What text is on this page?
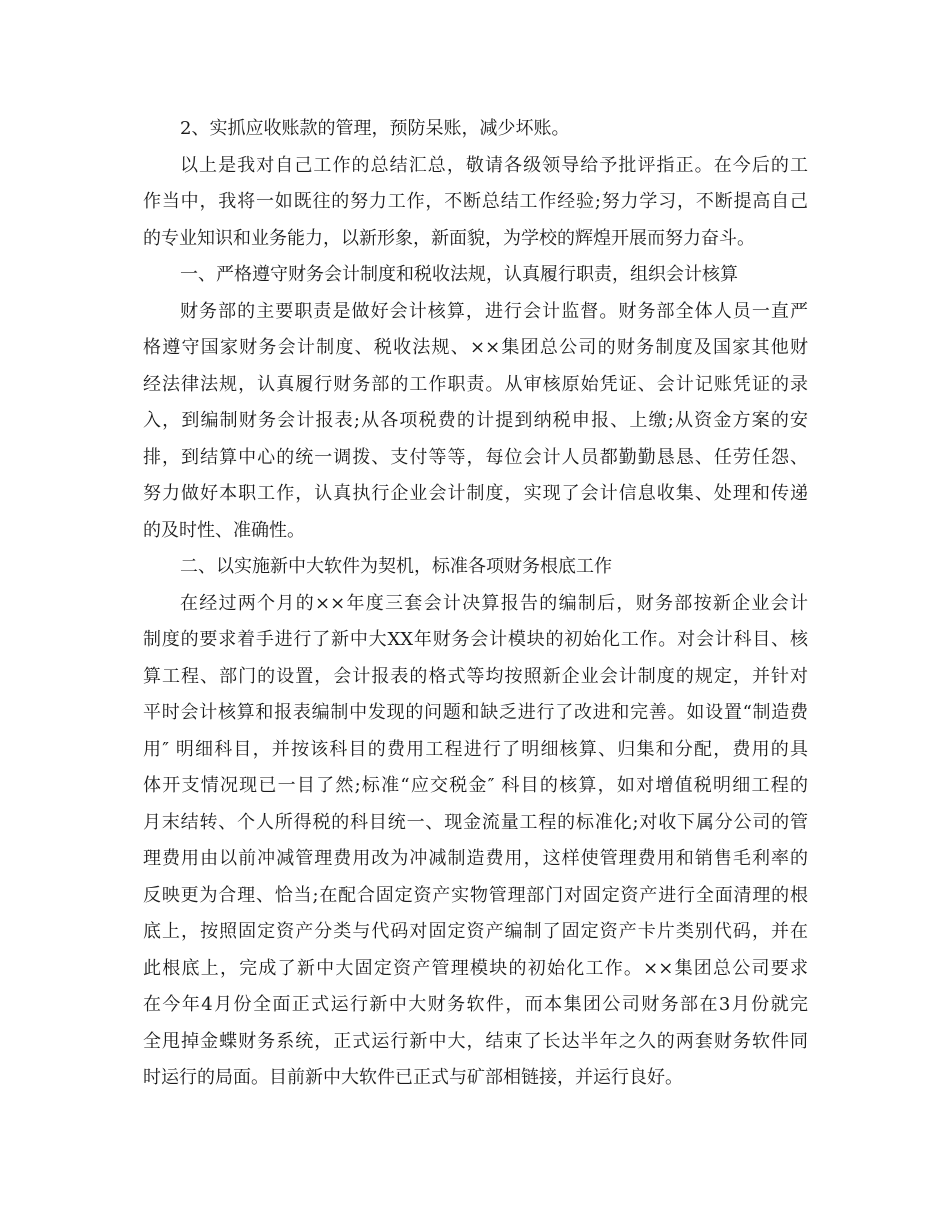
2、实抓应收账款的管理，预防呆账，减少坏账。
以上是我对自己工作的总结汇总，敬请各级领导给予批评指正。在今后的工
作当中，我将一如既往的努力工作，不断总结工作经验;努力学习，不断提高自己
的专业知识和业务能力，以新形象，新面貌，为学校的辉煌开展而努力奋斗。
一、严格遵守财务会计制度和税收法规，认真履行职责，组织会计核算
财务部的主要职责是做好会计核算，进行会计监督。财务部全体人员一直严
格遵守国家财务会计制度、税收法规、××集团总公司的财务制度及国家其他财
经法律法规，认真履行财务部的工作职责。从审核原始凭证、会计记账凭证的录
入，到编制财务会计报表;从各项税费的计提到纳税申报、上缴;从资金方案的安
排，到结算中心的统一调拨、支付等等，每位会计人员都勤勤恳恳、任劳任怨、
努力做好本职工作，认真执行企业会计制度，实现了会计信息收集、处理和传递
的及时性、准确性。
二、以实施新中大软件为契机，标准各项财务根底工作
在经过两个月的××年度三套会计决算报告的编制后，财务部按新企业会计
制度的要求着手进行了新中大XX年财务会计模块的初始化工作。对会计科目、核
算工程、部门的设置，会计报表的格式等均按照新企业会计制度的规定，并针对
平时会计核算和报表编制中发现的问题和缺乏进行了改进和完善。如设置“制造费
用″ 明细科目，并按该科目的费用工程进行了明细核算、归集和分配，费用的具
体开支情况现已一目了然;标准“应交税金″ 科目的核算，如对增值税明细工程的
月末结转、个人所得税的科目统一、现金流量工程的标准化;对收下属分公司的管
理费用由以前冲减管理费用改为冲减制造费用，这样使管理费用和销售毛利率的
反映更为合理、恰当;在配合固定资产实物管理部门对固定资产进行全面清理的根
底上，按照固定资产分类与代码对固定资产编制了固定资产卡片类别代码，并在
此根底上，完成了新中大固定资产管理模块的初始化工作。××集团总公司要求
在今年4月份全面正式运行新中大财务软件，而本集团公司财务部在3月份就完
全甩掉金蝶财务系统，正式运行新中大，结束了长达半年之久的两套财务软件同
时运行的局面。目前新中大软件已正式与矿部相链接，并运行良好。
